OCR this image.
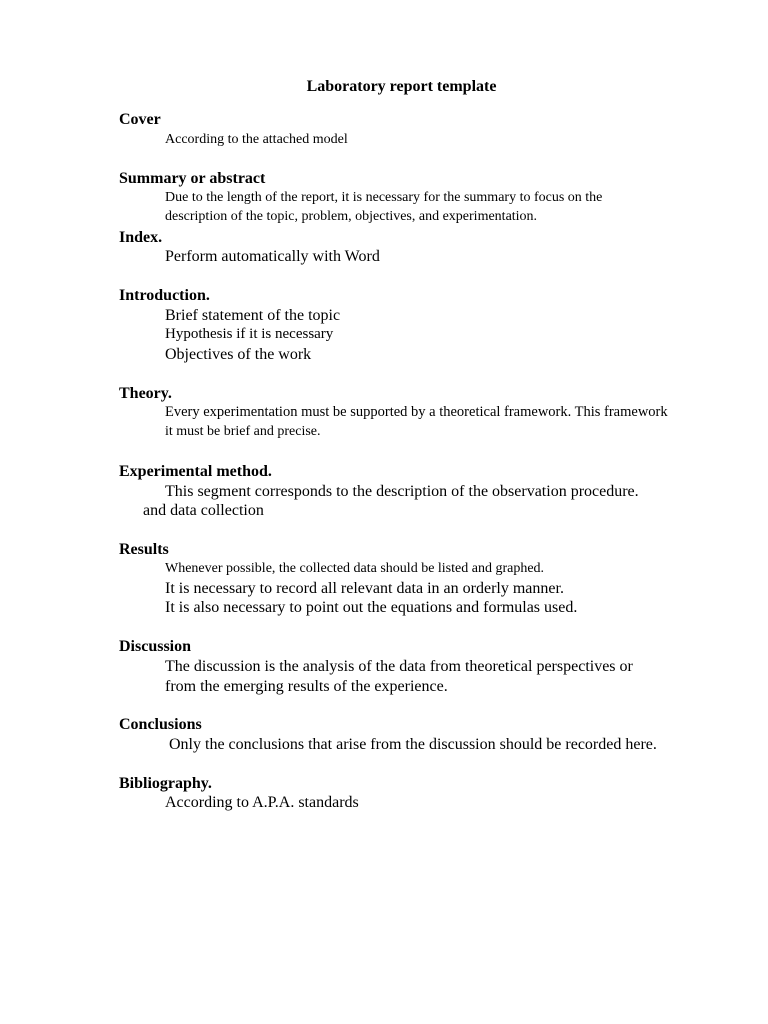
Laboratory report template
Cover
According to the attached model
Summary or abstract
Due to the length of the report, it is necessary for the summary to focus on the
description of the topic, problem, objectives, and experimentation.
Index.
Perform automatically with Word
Introduction.
Brief statement of the topic
Hypothesis if it is necessary
Objectives of the work
Theory.
Every experimentation must be supported by a theoretical framework. This framework
it must be brief and precise.
Experimental method.
This segment corresponds to the description of the observation procedure.
and data collection
Results
Whenever possible, the collected data should be listed and graphed.
It is necessary to record all relevant data in an orderly manner.
It is also necessary to point out the equations and formulas used.
Discussion
The discussion is the analysis of the data from theoretical perspectives or
from the emerging results of the experience.
Conclusions
Only the conclusions that arise from the discussion should be recorded here.
Bibliography.
According to A.P.A. standards
